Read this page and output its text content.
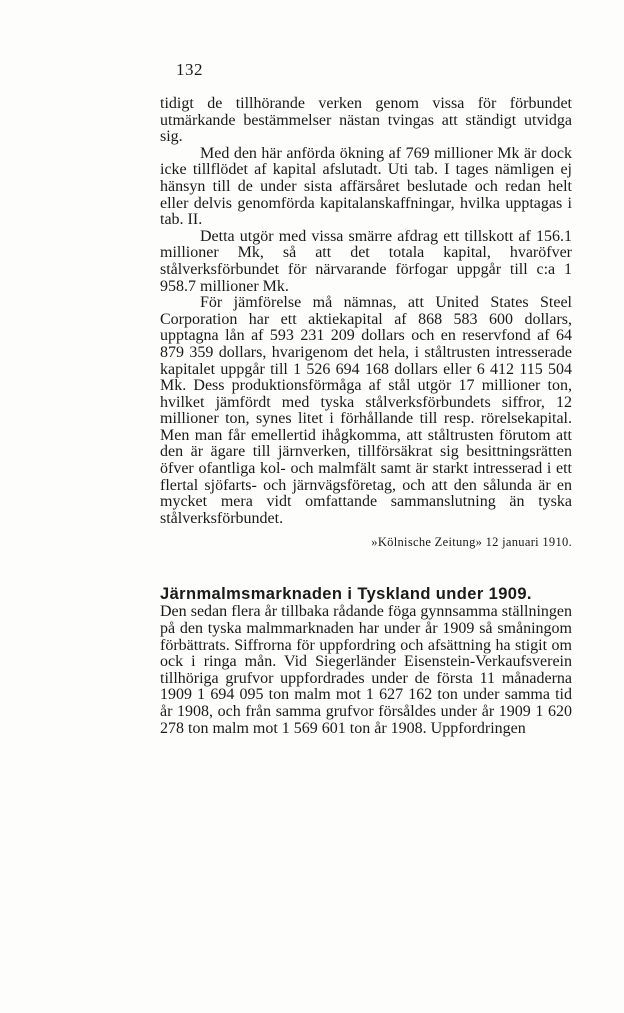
132

tidigt de tillhörande verken genom vissa för förbundet utmärkande bestämmelser nästan tvingas att ständigt utvidga sig.

Med den här anförda ökning af 769 millioner Mk är dock icke tillflödet af kapital afslutadt. Uti tab. I tages nämligen ej hänsyn till de under sista affärsåret beslutade och redan helt eller delvis genomförda kapitalanskaffningar, hvilka upptagas i tab. II.

Detta utgör med vissa smärre afdrag ett tillskott af 156.1 millioner Mk, så att det totala kapital, hvaröfver stålverksförbundet för närvarande förfogar uppgår till c:a 1 958.7 millioner Mk.

För jämförelse må nämnas, att United States Steel Corporation har ett aktiekapital af 868 583 600 dollars, upptagna lån af 593 231 209 dollars och en reservfond af 64 879 359 dollars, hvarigenom det hela, i ståltrusten intresserade kapitalet uppgår till 1 526 694 168 dollars eller 6 412 115 504 Mk. Dess produktionsförmåga af stål utgör 17 millioner ton, hvilket jämfördt med tyska stålverksförbundets siffror, 12 millioner ton, synes litet i förhållande till resp. rörelsekapital. Men man får emellertid ihågkomma, att ståltrusten förutom att den är ägare till järnverken, tillförsäkrat sig besittningsrätten öfver ofantliga kol- och malmfält samt är starkt intresserad i ett flertal sjöfarts- och järnvägsföretag, och att den sålunda är en mycket mera vidt omfattande sammanslutning än tyska stålverksförbundet.

»Kölnische Zeitung» 12 januari 1910.

Järnmalmsmarknaden i Tyskland under 1909.

Den sedan flera år tillbaka rådande föga gynnsamma ställningen på den tyska malmmarknaden har under år 1909 så småningom förbättrats. Siffrorna för uppfordring och afsättning ha stigit om ock i ringa mån. Vid Siegerländer Eisenstein-Verkaufsverein tillhöriga grufvor uppfordrades under de första 11 månaderna 1909 1 694 095 ton malm mot 1 627 162 ton under samma tid år 1908, och från samma grufvor försåldes under år 1909 1 620 278 ton malm mot 1 569 601 ton år 1908. Uppfordringen
